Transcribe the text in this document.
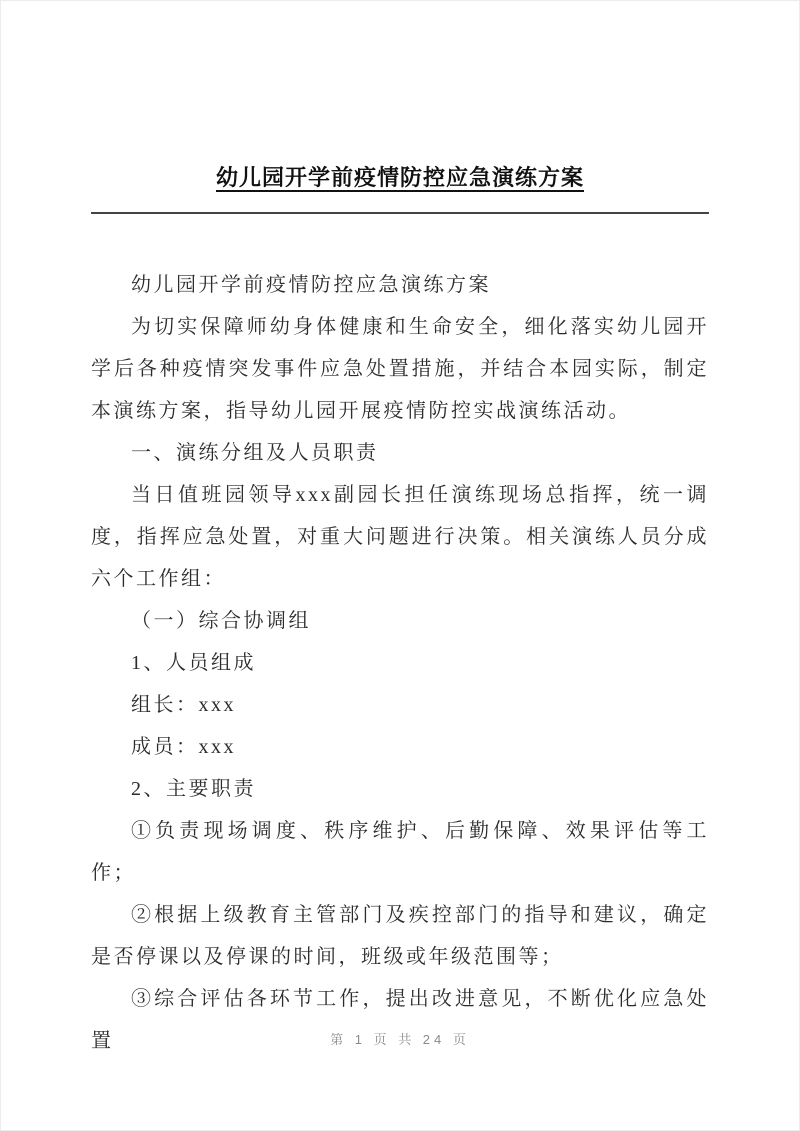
幼儿园开学前疫情防控应急演练方案

幼儿园开学前疫情防控应急演练方案

为切实保障师幼身体健康和生命安全，细化落实幼儿园开学后各种疫情突发事件应急处置措施，并结合本园实际，制定本演练方案，指导幼儿园开展疫情防控实战演练活动。

一、演练分组及人员职责

当日值班园领导xxx副园长担任演练现场总指挥，统一调度，指挥应急处置，对重大问题进行决策。相关演练人员分成六个工作组：

（一）综合协调组

1、人员组成

组长：xxx

成员：xxx

2、主要职责

①负责现场调度、秩序维护、后勤保障、效果评估等工作；

②根据上级教育主管部门及疾控部门的指导和建议，确定是否停课以及停课的时间，班级或年级范围等；

③综合评估各环节工作，提出改进意见，不断优化应急处置	第 1 页 共 24 页
